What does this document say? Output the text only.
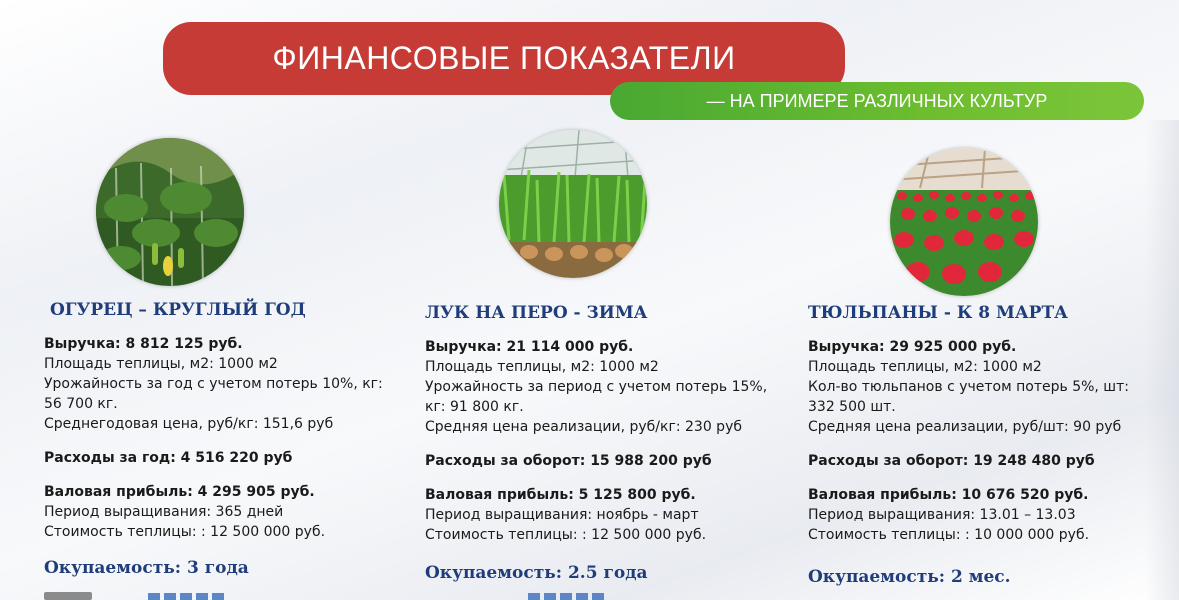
ФИНАНСОВЫЕ ПОКАЗАТЕЛИ
— НА ПРИМЕРЕ РАЗЛИЧНЫХ КУЛЬТУР
ОГУРЕЦ – КРУГЛЫЙ ГОД
Выручка: 8 812 125 руб.
Площадь теплицы, м2: 1000 м2
Урожайность за год с учетом потерь 10%, кг: 56 700 кг.
Среднегодовая цена, руб/кг: 151,6 руб
Расходы за год: 4 516 220 руб
Валовая прибыль: 4 295 905 руб.
Период выращивания: 365 дней
Стоимость теплицы: : 12 500 000 руб.
Окупаемость: 3 года
ЛУК НА ПЕРО - ЗИМА
Выручка: 21 114 000 руб.
Площадь теплицы, м2: 1000 м2
Урожайность за период с учетом потерь 15%, кг: 91 800 кг.
Средняя цена реализации, руб/кг: 230 руб
Расходы за оборот: 15 988 200 руб
Валовая прибыль: 5 125 800 руб.
Период выращивания: ноябрь - март
Стоимость теплицы: : 12 500 000 руб.
Окупаемость: 2.5 года
ТЮЛЬПАНЫ - К 8 МАРТА
Выручка: 29 925 000 руб.
Площадь теплицы, м2: 1000 м2
Кол-во тюльпанов с учетом потерь 5%, шт: 332 500 шт.
Средняя цена реализации, руб/шт: 90 руб
Расходы за оборот: 19 248 480 руб
Валовая прибыль: 10 676 520 руб.
Период выращивания: 13.01 – 13.03
Стоимость теплицы: : 10 000 000 руб.
Окупаемость: 2 мес.
